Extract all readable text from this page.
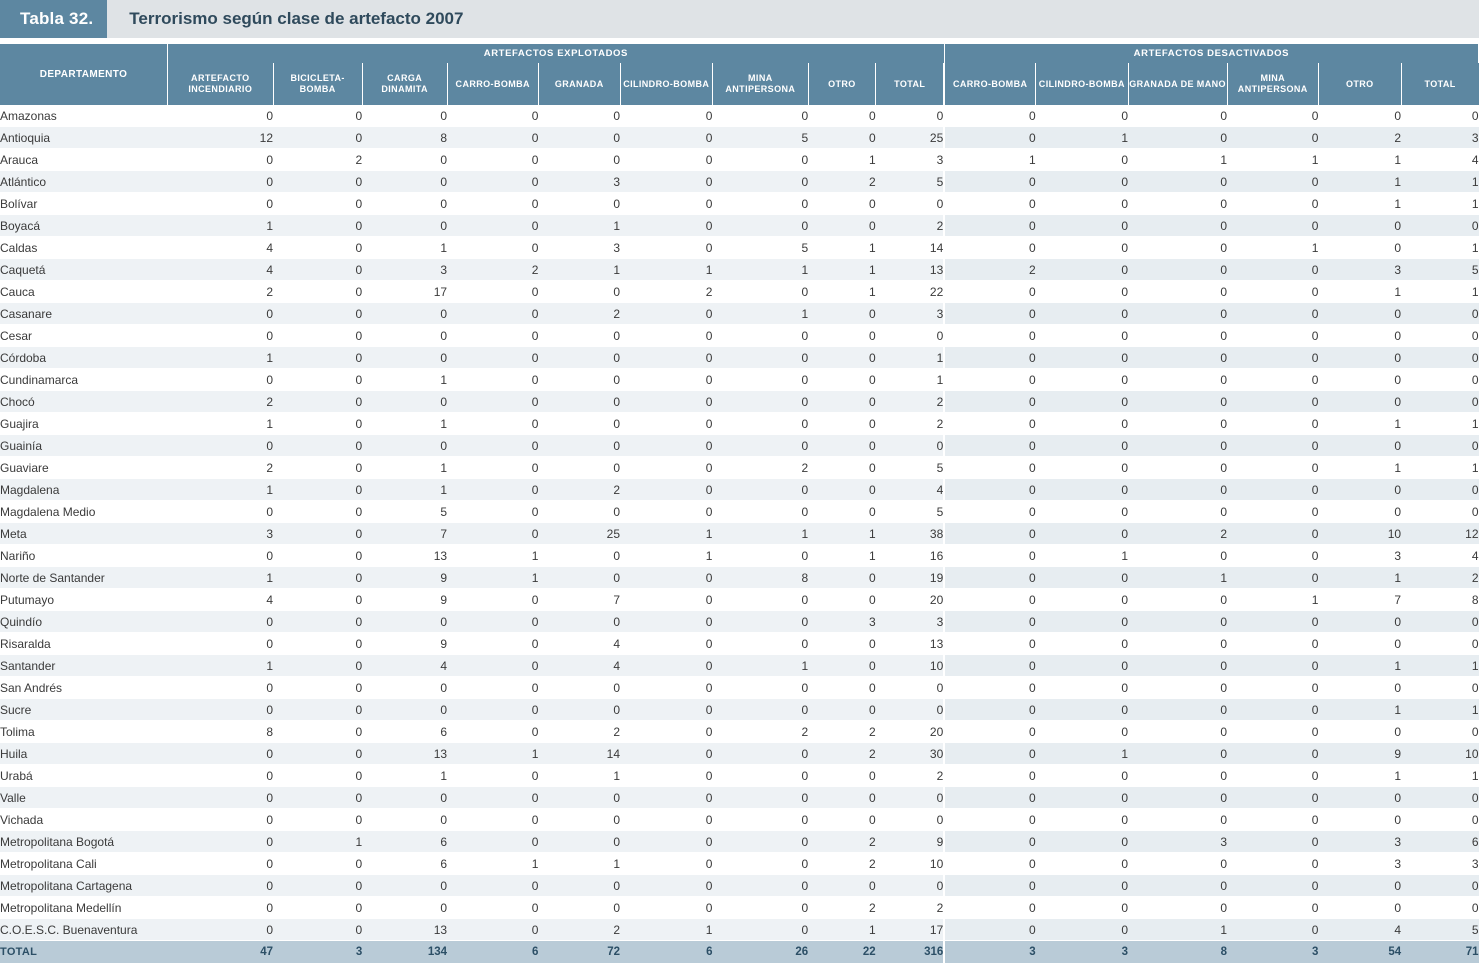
Tabla 32.	Terrorismo según clase de artefacto 2007
DEPARTAMENTO	ARTEFACTOS EXPLOTADOS									ARTEFACTOS DESACTIVADOS					
	ARTEFACTO INCENDIARIO	BICICLETA-BOMBA	CARGA DINAMITA	CARRO-BOMBA	GRANADA	CILINDRO-BOMBA	MINA ANTIPERSONA	OTRO	TOTAL	CARRO-BOMBA	CILINDRO-BOMBA	GRANADA DE MANO	MINA ANTIPERSONA	OTRO	TOTAL
Amazonas	0	0	0	0	0	0	0	0	0	0	0	0	0	0	0
Antioquia	12	0	8	0	0	0	5	0	25	0	1	0	0	2	3
Arauca	0	2	0	0	0	0	0	1	3	1	0	1	1	1	4
Atlántico	0	0	0	0	3	0	0	2	5	0	0	0	0	1	1
Bolívar	0	0	0	0	0	0	0	0	0	0	0	0	0	1	1
Boyacá	1	0	0	0	1	0	0	0	2	0	0	0	0	0	0
Caldas	4	0	1	0	3	0	5	1	14	0	0	0	1	0	1
Caquetá	4	0	3	2	1	1	1	1	13	2	0	0	0	3	5
Cauca	2	0	17	0	0	2	0	1	22	0	0	0	0	1	1
Casanare	0	0	0	0	2	0	1	0	3	0	0	0	0	0	0
Cesar	0	0	0	0	0	0	0	0	0	0	0	0	0	0	0
Córdoba	1	0	0	0	0	0	0	0	1	0	0	0	0	0	0
Cundinamarca	0	0	1	0	0	0	0	0	1	0	0	0	0	0	0
Chocó	2	0	0	0	0	0	0	0	2	0	0	0	0	0	0
Guajira	1	0	1	0	0	0	0	0	2	0	0	0	0	1	1
Guainía	0	0	0	0	0	0	0	0	0	0	0	0	0	0	0
Guaviare	2	0	1	0	0	0	2	0	5	0	0	0	0	1	1
Magdalena	1	0	1	0	2	0	0	0	4	0	0	0	0	0	0
Magdalena Medio	0	0	5	0	0	0	0	0	5	0	0	0	0	0	0
Meta	3	0	7	0	25	1	1	1	38	0	0	2	0	10	12
Nariño	0	0	13	1	0	1	0	1	16	0	1	0	0	3	4
Norte de Santander	1	0	9	1	0	0	8	0	19	0	0	1	0	1	2
Putumayo	4	0	9	0	7	0	0	0	20	0	0	0	1	7	8
Quindío	0	0	0	0	0	0	0	3	3	0	0	0	0	0	0
Risaralda	0	0	9	0	4	0	0	0	13	0	0	0	0	0	0
Santander	1	0	4	0	4	0	1	0	10	0	0	0	0	1	1
San Andrés	0	0	0	0	0	0	0	0	0	0	0	0	0	0	0
Sucre	0	0	0	0	0	0	0	0	0	0	0	0	0	1	1
Tolima	8	0	6	0	2	0	2	2	20	0	0	0	0	0	0
Huila	0	0	13	1	14	0	0	2	30	0	1	0	0	9	10
Urabá	0	0	1	0	1	0	0	0	2	0	0	0	0	1	1
Valle	0	0	0	0	0	0	0	0	0	0	0	0	0	0	0
Vichada	0	0	0	0	0	0	0	0	0	0	0	0	0	0	0
Metropolitana Bogotá	0	1	6	0	0	0	0	2	9	0	0	3	0	3	6
Metropolitana Cali	0	0	6	1	1	0	0	2	10	0	0	0	0	3	3
Metropolitana Cartagena	0	0	0	0	0	0	0	0	0	0	0	0	0	0	0
Metropolitana Medellín	0	0	0	0	0	0	0	2	2	0	0	0	0	0	0
C.O.E.S.C. Buenaventura	0	0	13	0	2	1	0	1	17	0	0	1	0	4	5
TOTAL	47	3	134	6	72	6	26	22	316	3	3	8	3	54	71
